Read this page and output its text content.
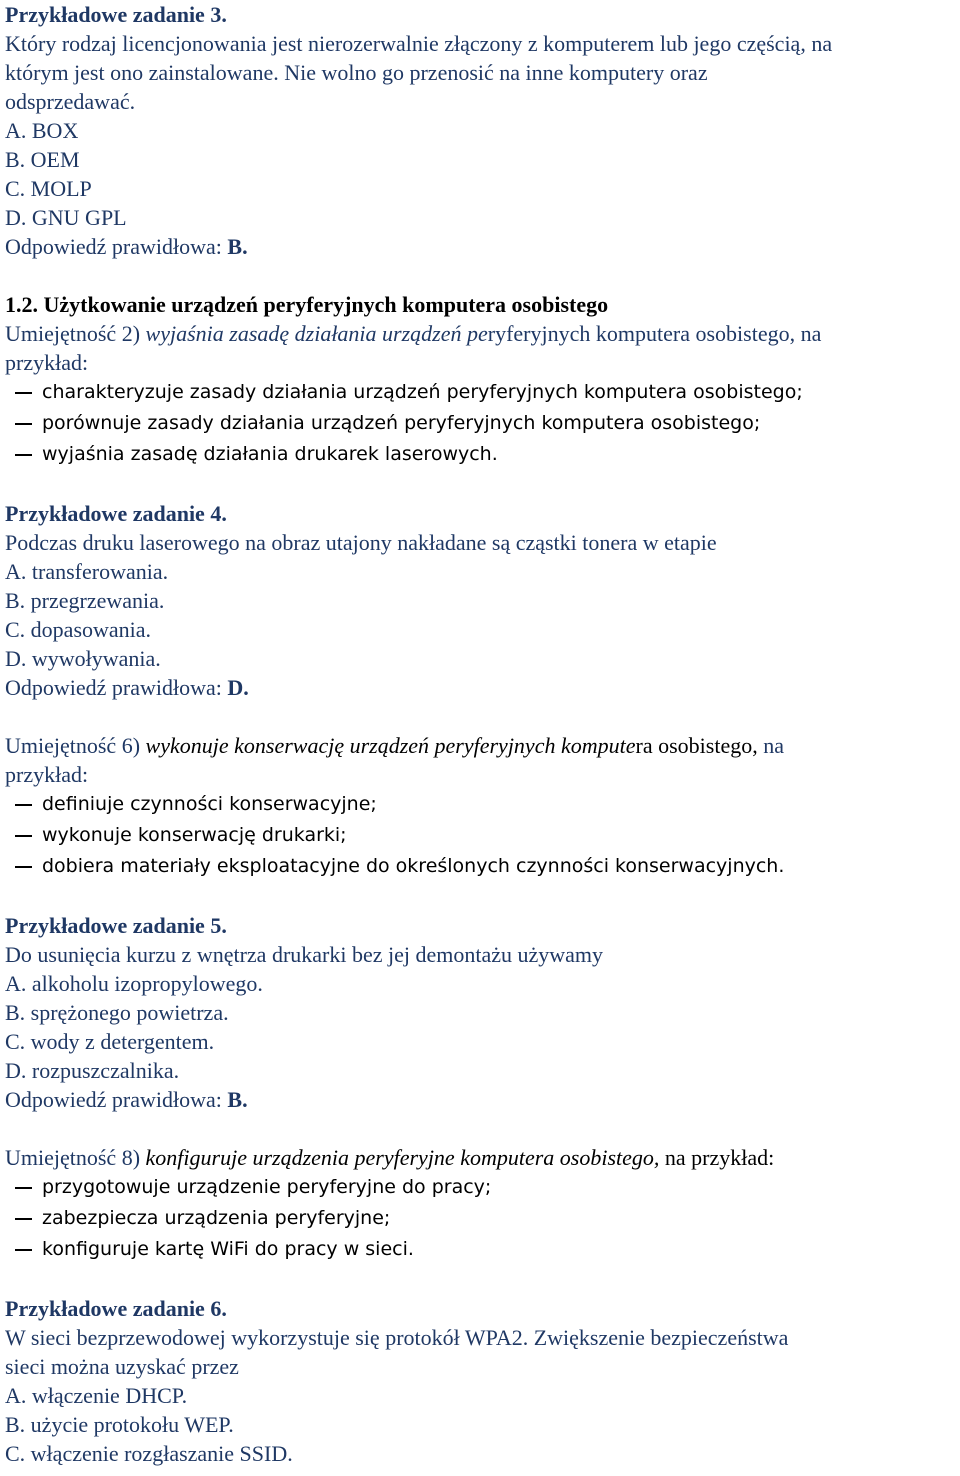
Przykładowe zadanie 3.
Który rodzaj licencjonowania jest nierozerwalnie złączony z komputerem lub jego częścią, na
którym jest ono zainstalowane. Nie wolno go przenosić na inne komputery oraz
odsprzedawać.
A. BOX
B. OEM
C. MOLP
D. GNU GPL
Odpowiedź prawidłowa: B.
1.2. Użytkowanie urządzeń peryferyjnych komputera osobistego
Umiejętność 2) wyjaśnia zasadę działania urządzeń peryferyjnych komputera osobistego, na
przykład:
charakteryzuje zasady działania urządzeń peryferyjnych komputera osobistego;
porównuje zasady działania urządzeń peryferyjnych komputera osobistego;
wyjaśnia zasadę działania drukarek laserowych.
Przykładowe zadanie 4.
Podczas druku laserowego na obraz utajony nakładane są cząstki tonera w etapie
A. transferowania.
B. przegrzewania.
C. dopasowania.
D. wywoływania.
Odpowiedź prawidłowa: D.
Umiejętność 6) wykonuje konserwację urządzeń peryferyjnych komputera osobistego, na
przykład:
definiuje czynności konserwacyjne;
wykonuje konserwację drukarki;
dobiera materiały eksploatacyjne do określonych czynności konserwacyjnych.
Przykładowe zadanie 5.
Do usunięcia kurzu z wnętrza drukarki bez jej demontażu używamy
A. alkoholu izopropylowego.
B. sprężonego powietrza.
C. wody z detergentem.
D. rozpuszczalnika.
Odpowiedź prawidłowa: B.
Umiejętność 8) konfiguruje urządzenia peryferyjne komputera osobistego, na przykład:
przygotowuje urządzenie peryferyjne do pracy;
zabezpiecza urządzenia peryferyjne;
konfiguruje kartę WiFi do pracy w sieci.
Przykładowe zadanie 6.
W sieci bezprzewodowej wykorzystuje się protokół WPA2. Zwiększenie bezpieczeństwa
sieci można uzyskać przez
A. włączenie DHCP.
B. użycie protokołu WEP.
C. włączenie rozgłaszanie SSID.
